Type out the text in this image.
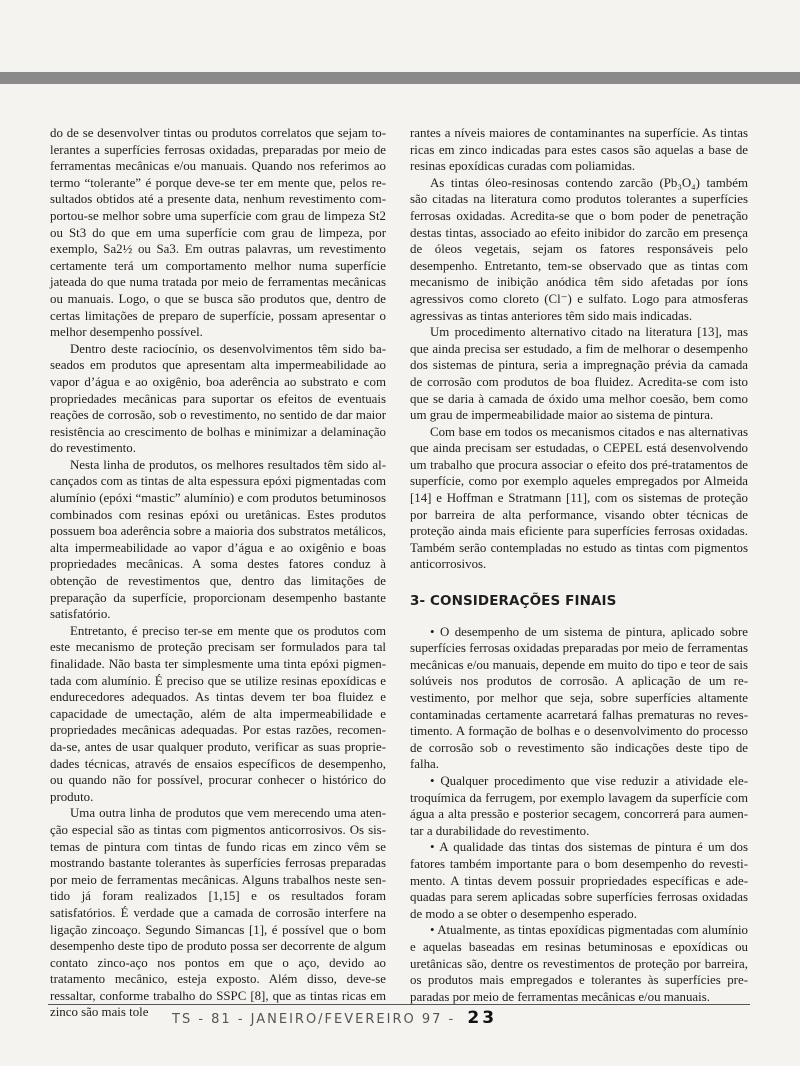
do de se desenvolver tintas ou produtos correlatos que sejam tolerantes a superfícies ferrosas oxidadas, preparadas por meio de ferramentas mecânicas e/ou manuais. Quando nos referimos ao termo “tolerante” é porque deve-se ter em mente que, pelos resultados obtidos até a presente data, nenhum revestimento comportou-se melhor sobre uma superfície com grau de limpeza St2 ou St3 do que em uma superfície com grau de limpeza, por exemplo, Sa2½ ou Sa3. Em outras palavras, um revestimento certamente terá um comportamento melhor numa superfície jateada do que numa tratada por meio de ferramentas mecânicas ou manuais. Logo, o que se busca são produtos que, dentro de certas limitações de preparo de superfície, possam apresentar o melhor desempenho possível.

Dentro deste raciocínio, os desenvolvimentos têm sido baseados em produtos que apresentam alta impermeabilidade ao vapor d’água e ao oxigênio, boa aderência ao substrato e com propriedades mecânicas para suportar os efeitos de eventuais reações de corrosão, sob o revestimento, no sentido de dar maior resistência ao crescimento de bolhas e minimizar a delaminação do revestimento.

Nesta linha de produtos, os melhores resultados têm sido alcançados com as tintas de alta espessura epóxi pigmentadas com alumínio (epóxi “mastic” alumínio) e com produtos betuminosos combinados com resinas epóxi ou uretânicas. Estes produtos possuem boa aderência sobre a maioria dos substratos metálicos, alta impermeabilidade ao vapor d’água e ao oxigênio e boas propriedades mecânicas. A soma destes fatores conduz à obtenção de revestimentos que, dentro das limitações de preparação da superfície, proporcionam desempenho bastante satisfatório.

Entretanto, é preciso ter-se em mente que os produtos com este mecanismo de proteção precisam ser formulados para tal finalidade. Não basta ter simplesmente uma tinta epóxi pigmentada com alumínio. É preciso que se utilize resinas epoxídicas e endurecedores adequados. As tintas devem ter boa fluidez e capacidade de umectação, além de alta impermeabilidade e propriedades mecânicas adequadas. Por estas razões, recomenda-se, antes de usar qualquer produto, verificar as suas propriedades técnicas, através de ensaios específicos de desempenho, ou quando não for possível, procurar conhecer o histórico do produto.

Uma outra linha de produtos que vem merecendo uma atenção especial são as tintas com pigmentos anticorrosivos. Os sistemas de pintura com tintas de fundo ricas em zinco vêm se mostrando bastante tolerantes às superfícies ferrosas preparadas por meio de ferramentas mecânicas. Alguns trabalhos neste sentido já foram realizados [1,15] e os resultados foram satisfatórios. É verdade que a camada de corrosão interfere na ligação zincoaço. Segundo Simancas [1], é possível que o bom desempenho deste tipo de produto possa ser decorrente de algum contato zinco-aço nos pontos em que o aço, devido ao tratamento mecânico, esteja exposto. Além disso, deve-se ressaltar, conforme trabalho do SSPC [8], que as tintas ricas em zinco são mais tole

rantes a níveis maiores de contaminantes na superfície. As tintas ricas em zinco indicadas para estes casos são aquelas a base de resinas epoxídicas curadas com poliamidas.

As tintas óleo-resinosas contendo zarcão (Pb₃O₄) também são citadas na literatura como produtos tolerantes a superfícies ferrosas oxidadas. Acredita-se que o bom poder de penetração destas tintas, associado ao efeito inibidor do zarcão em presença de óleos vegetais, sejam os fatores responsáveis pelo desempenho. Entretanto, tem-se observado que as tintas com mecanismo de inibição anódica têm sido afetadas por íons agressivos como cloreto (Cl⁻) e sulfato. Logo para atmosferas agressivas as tintas anteriores têm sido mais indicadas.

Um procedimento alternativo citado na literatura [13], mas que ainda precisa ser estudado, a fim de melhorar o desempenho dos sistemas de pintura, seria a impregnação prévia da camada de corrosão com produtos de boa fluidez. Acredita-se com isto que se daria à camada de óxido uma melhor coesão, bem como um grau de impermeabilidade maior ao sistema de pintura.

Com base em todos os mecanismos citados e nas alternativas que ainda precisam ser estudadas, o CEPEL está desenvolvendo um trabalho que procura associar o efeito dos pré-tratamentos de superfície, como por exemplo aqueles empregados por Almeida [14] e Hoffman e Stratmann [11], com os sistemas de proteção por barreira de alta performance, visando obter técnicas de proteção ainda mais eficiente para superfícies ferrosas oxidadas. Também serão contempladas no estudo as tintas com pigmentos anticorrosivos.

3- CONSIDERAÇÕES FINAIS

• O desempenho de um sistema de pintura, aplicado sobre superfícies ferrosas oxidadas preparadas por meio de ferramentas mecânicas e/ou manuais, depende em muito do tipo e teor de sais solúveis nos produtos de corrosão. A aplicação de um revestimento, por melhor que seja, sobre superfícies altamente contaminadas certamente acarretará falhas prematuras no revestimento. A formação de bolhas e o desenvolvimento do processo de corrosão sob o revestimento são indicações deste tipo de falha.

• Qualquer procedimento que vise reduzir a atividade eletroquímica da ferrugem, por exemplo lavagem da superfície com água a alta pressão e posterior secagem, concorrerá para aumentar a durabilidade do revestimento.

• A qualidade das tintas dos sistemas de pintura é um dos fatores também importante para o bom desempenho do revestimento. A tintas devem possuir propriedades específicas e adequadas para serem aplicadas sobre superfícies ferrosas oxidadas de modo a se obter o desempenho esperado.

• Atualmente, as tintas epoxídicas pigmentadas com alumínio e aquelas baseadas em resinas betuminosas e epoxídicas ou uretânicas são, dentre os revestimentos de proteção por barreira, os produtos mais empregados e tolerantes às superfícies preparadas por meio de ferramentas mecânicas e/ou manuais.

TS - 81 - JANEIRO/FEVEREIRO 97 - 23
